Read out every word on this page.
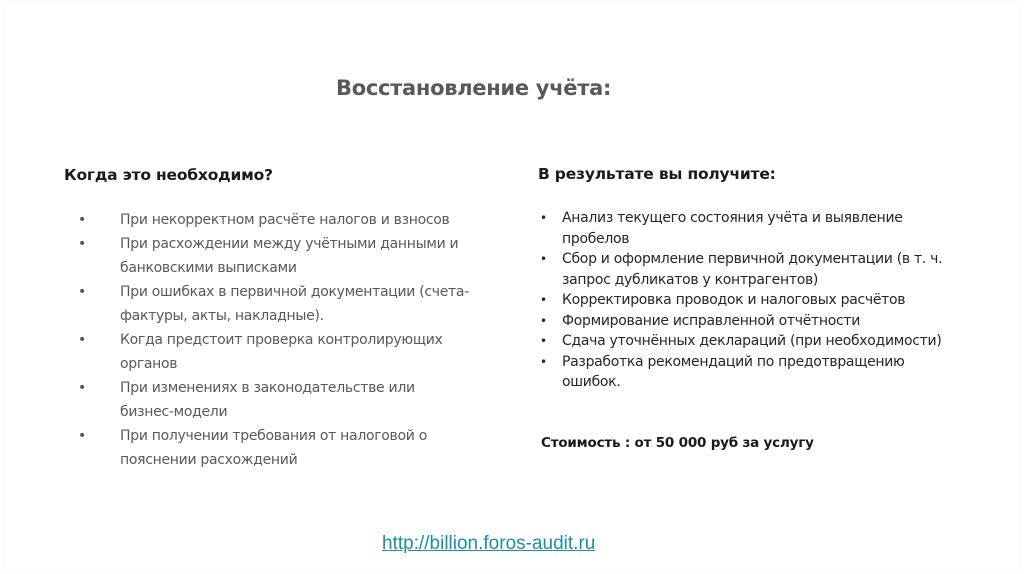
Восстановление учёта:
Когда это необходимо?
• При некорректном расчёте налогов и взносов
• При расхождении между учётными данными и банковскими выписками
• При ошибках в первичной документации (счета-фактуры, акты, накладные).
• Когда предстоит проверка контролирующих органов
• При изменениях в законодательстве или бизнес-модели
• При получении требования от налоговой о пояснении расхождений
В результате вы получите:
• Анализ текущего состояния учёта и выявление пробелов
• Сбор и оформление первичной документации (в т. ч. запрос дубликатов у контрагентов)
• Корректировка проводок и налоговых расчётов
• Формирование исправленной отчётности
• Сдача уточнённых деклараций (при необходимости)
• Разработка рекомендаций по предотвращению ошибок.
Стоимость : от 50 000 руб за услугу
http://billion.foros-audit.ru
